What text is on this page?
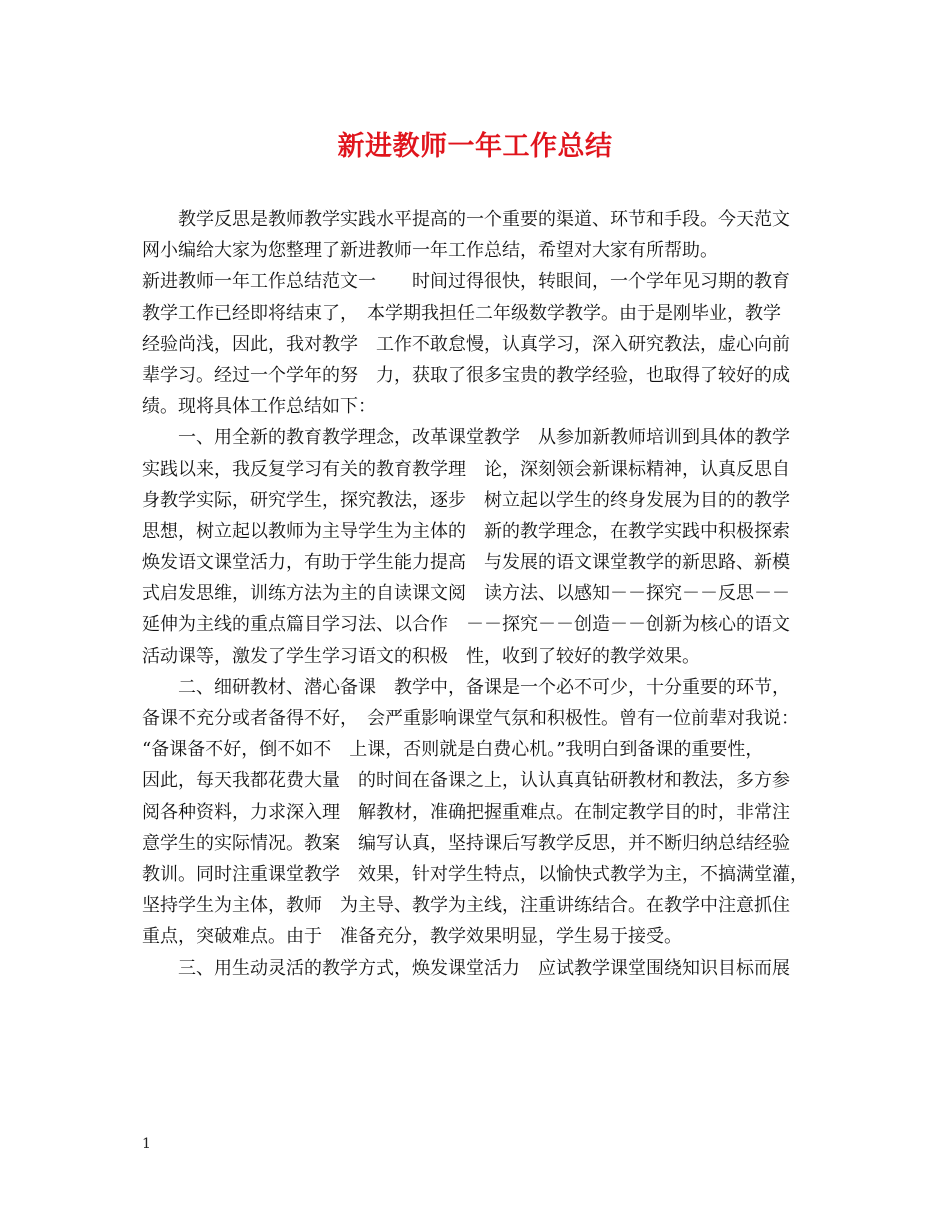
新进教师一年工作总结
教学反思是教师教学实践水平提高的一个重要的渠道、环节和手段。今天范文
网小编给大家为您整理了新进教师一年工作总结，希望对大家有所帮助。
新进教师一年工作总结范文一　　时间过得很快，转眼间，一个学年见习期的教育
教学工作已经即将结束了，　本学期我担任二年级数学教学。由于是刚毕业，教学
经验尚浅，因此，我对教学　工作不敢怠慢，认真学习，深入研究教法，虚心向前
辈学习。经过一个学年的努　力，获取了很多宝贵的教学经验，也取得了较好的成
绩。现将具体工作总结如下：
一、用全新的教育教学理念，改革课堂教学　从参加新教师培训到具体的教学
实践以来，我反复学习有关的教育教学理　论，深刻领会新课标精神，认真反思自
身教学实际，研究学生，探究教法，逐步　树立起以学生的终身发展为目的的教学
思想，树立起以教师为主导学生为主体的　新的教学理念，在教学实践中积极探索
焕发语文课堂活力，有助于学生能力提高　与发展的语文课堂教学的新思路、新模
式启发思维，训练方法为主的自读课文阅　读方法、以感知－－探究－－反思－－
延伸为主线的重点篇目学习法、以合作　－－探究－－创造－－创新为核心的语文
活动课等，激发了学生学习语文的积极　性，收到了较好的教学效果。
二、细研教材、潜心备课　教学中，备课是一个必不可少，十分重要的环节，
备课不充分或者备得不好，　会严重影响课堂气氛和积极性。曾有一位前辈对我说：
“备课备不好，倒不如不　上课，否则就是白费心机。”我明白到备课的重要性，
因此，每天我都花费大量　的时间在备课之上，认认真真钻研教材和教法，多方参
阅各种资料，力求深入理　解教材，准确把握重难点。在制定教学目的时，非常注
意学生的实际情况。教案　编写认真，坚持课后写教学反思，并不断归纳总结经验
教训。同时注重课堂教学　效果，针对学生特点，以愉快式教学为主，不搞满堂灌，
坚持学生为主体，教师　为主导、教学为主线，注重讲练结合。在教学中注意抓住
重点，突破难点。由于　准备充分，教学效果明显，学生易于接受。
三、用生动灵活的教学方式，焕发课堂活力　应试教学课堂围绕知识目标而展
1
